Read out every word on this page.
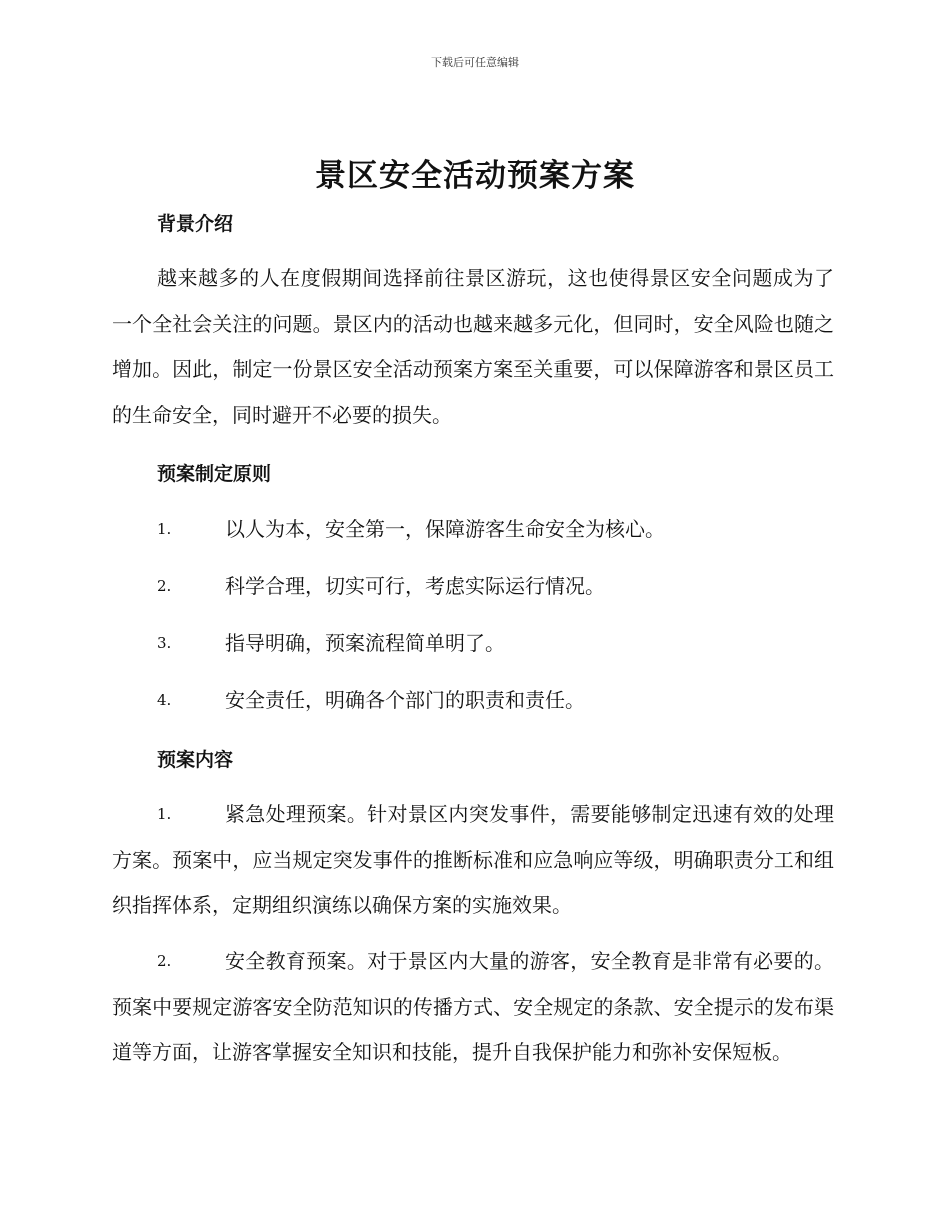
下载后可任意编辑
景区安全活动预案方案
背景介绍

越来越多的人在度假期间选择前往景区游玩，这也使得景区安全问题成为了一个全社会关注的问题。景区内的活动也越来越多元化，但同时，安全风险也随之增加。因此，制定一份景区安全活动预案方案至关重要，可以保障游客和景区员工的生命安全，同时避开不必要的损失。

预案制定原则
1.	以人为本，安全第一，保障游客生命安全为核心。
2.	科学合理，切实可行，考虑实际运行情况。
3.	指导明确，预案流程简单明了。
4.	安全责任，明确各个部门的职责和责任。
预案内容
1.	紧急处理预案。针对景区内突发事件，需要能够制定迅速有效的处理方案。预案中，应当规定突发事件的推断标准和应急响应等级，明确职责分工和组织指挥体系，定期组织演练以确保方案的实施效果。
2.	安全教育预案。对于景区内大量的游客，安全教育是非常有必要的。预案中要规定游客安全防范知识的传播方式、安全规定的条款、安全提示的发布渠道等方面，让游客掌握安全知识和技能，提升自我保护能力和弥补安保短板。
